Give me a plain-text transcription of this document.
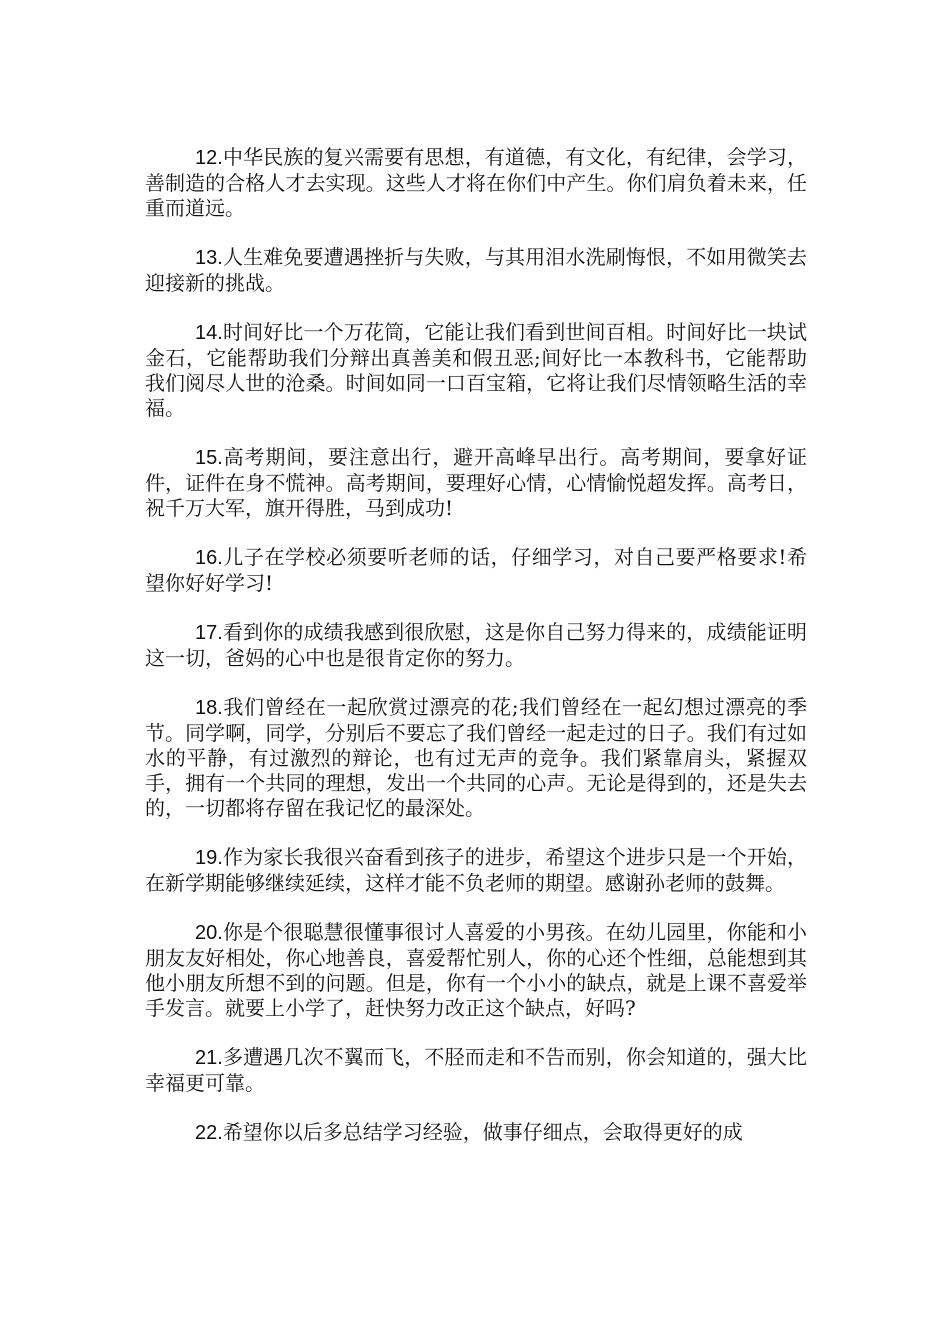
12.中华民族的复兴需要有思想，有道德，有文化，有纪律，会学习，善制造的合格人才去实现。这些人才将在你们中产生。你们肩负着未来，任重而道远。

13.人生难免要遭遇挫折与失败，与其用泪水洗刷悔恨，不如用微笑去迎接新的挑战。

14.时间好比一个万花筒，它能让我们看到世间百相。时间好比一块试金石，它能帮助我们分辩出真善美和假丑恶;间好比一本教科书，它能帮助我们阅尽人世的沧桑。时间如同一口百宝箱，它将让我们尽情领略生活的幸福。

15.高考期间，要注意出行，避开高峰早出行。高考期间，要拿好证件，证件在身不慌神。高考期间，要理好心情，心情愉悦超发挥。高考日，祝千万大军，旗开得胜，马到成功!

16.儿子在学校必须要听老师的话，仔细学习，对自己要严格要求!希望你好好学习!

17.看到你的成绩我感到很欣慰，这是你自己努力得来的，成绩能证明这一切，爸妈的心中也是很肯定你的努力。

18.我们曾经在一起欣赏过漂亮的花;我们曾经在一起幻想过漂亮的季节。同学啊，同学，分别后不要忘了我们曾经一起走过的日子。我们有过如水的平静，有过激烈的辩论，也有过无声的竞争。我们紧靠肩头，紧握双手，拥有一个共同的理想，发出一个共同的心声。无论是得到的，还是失去的，一切都将存留在我记忆的最深处。

19.作为家长我很兴奋看到孩子的进步，希望这个进步只是一个开始，在新学期能够继续延续，这样才能不负老师的期望。感谢孙老师的鼓舞。

20.你是个很聪慧很懂事很讨人喜爱的小男孩。在幼儿园里，你能和小朋友友好相处，你心地善良，喜爱帮忙别人，你的心还个性细，总能想到其他小朋友所想不到的问题。但是，你有一个小小的缺点，就是上课不喜爱举手发言。就要上小学了，赶快努力改正这个缺点，好吗?

21.多遭遇几次不翼而飞，不胫而走和不告而别，你会知道的，强大比幸福更可靠。

22.希望你以后多总结学习经验，做事仔细点，会取得更好的成
